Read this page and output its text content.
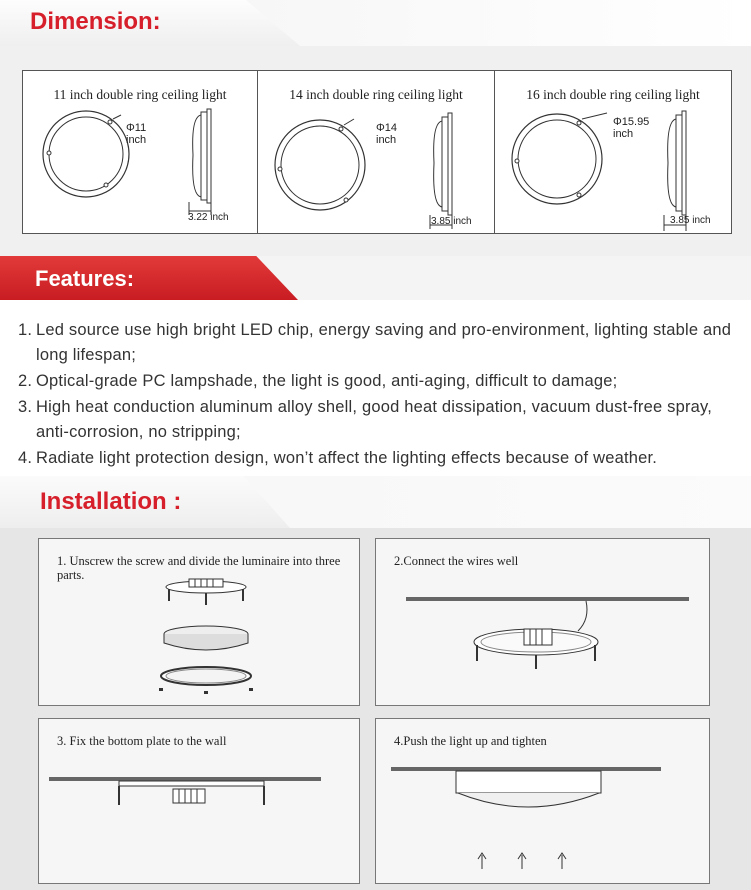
Dimension:
11 inch double ring ceiling light
Φ11
inch
3.22 inch
14 inch double ring ceiling light
Φ14
inch
3.85 inch
16 inch double ring ceiling light
Φ15.95
inch
3.85 inch
Features:
1. Led source use high bright LED chip, energy saving and pro-environment, lighting stable and long lifespan;
2. Optical-grade PC lampshade, the light is good, anti-aging, difficult to damage;
3. High heat conduction aluminum alloy shell, good heat dissipation, vacuum dust-free spray, anti-corrosion, no stripping;
4. Radiate light protection design, won’t affect the lighting effects because of weather.
Installation :
1. Unscrew the screw and divide the luminaire into three parts.
2.Connect the wires well
3. Fix the bottom plate to the wall	4.Push the light up and tighten
